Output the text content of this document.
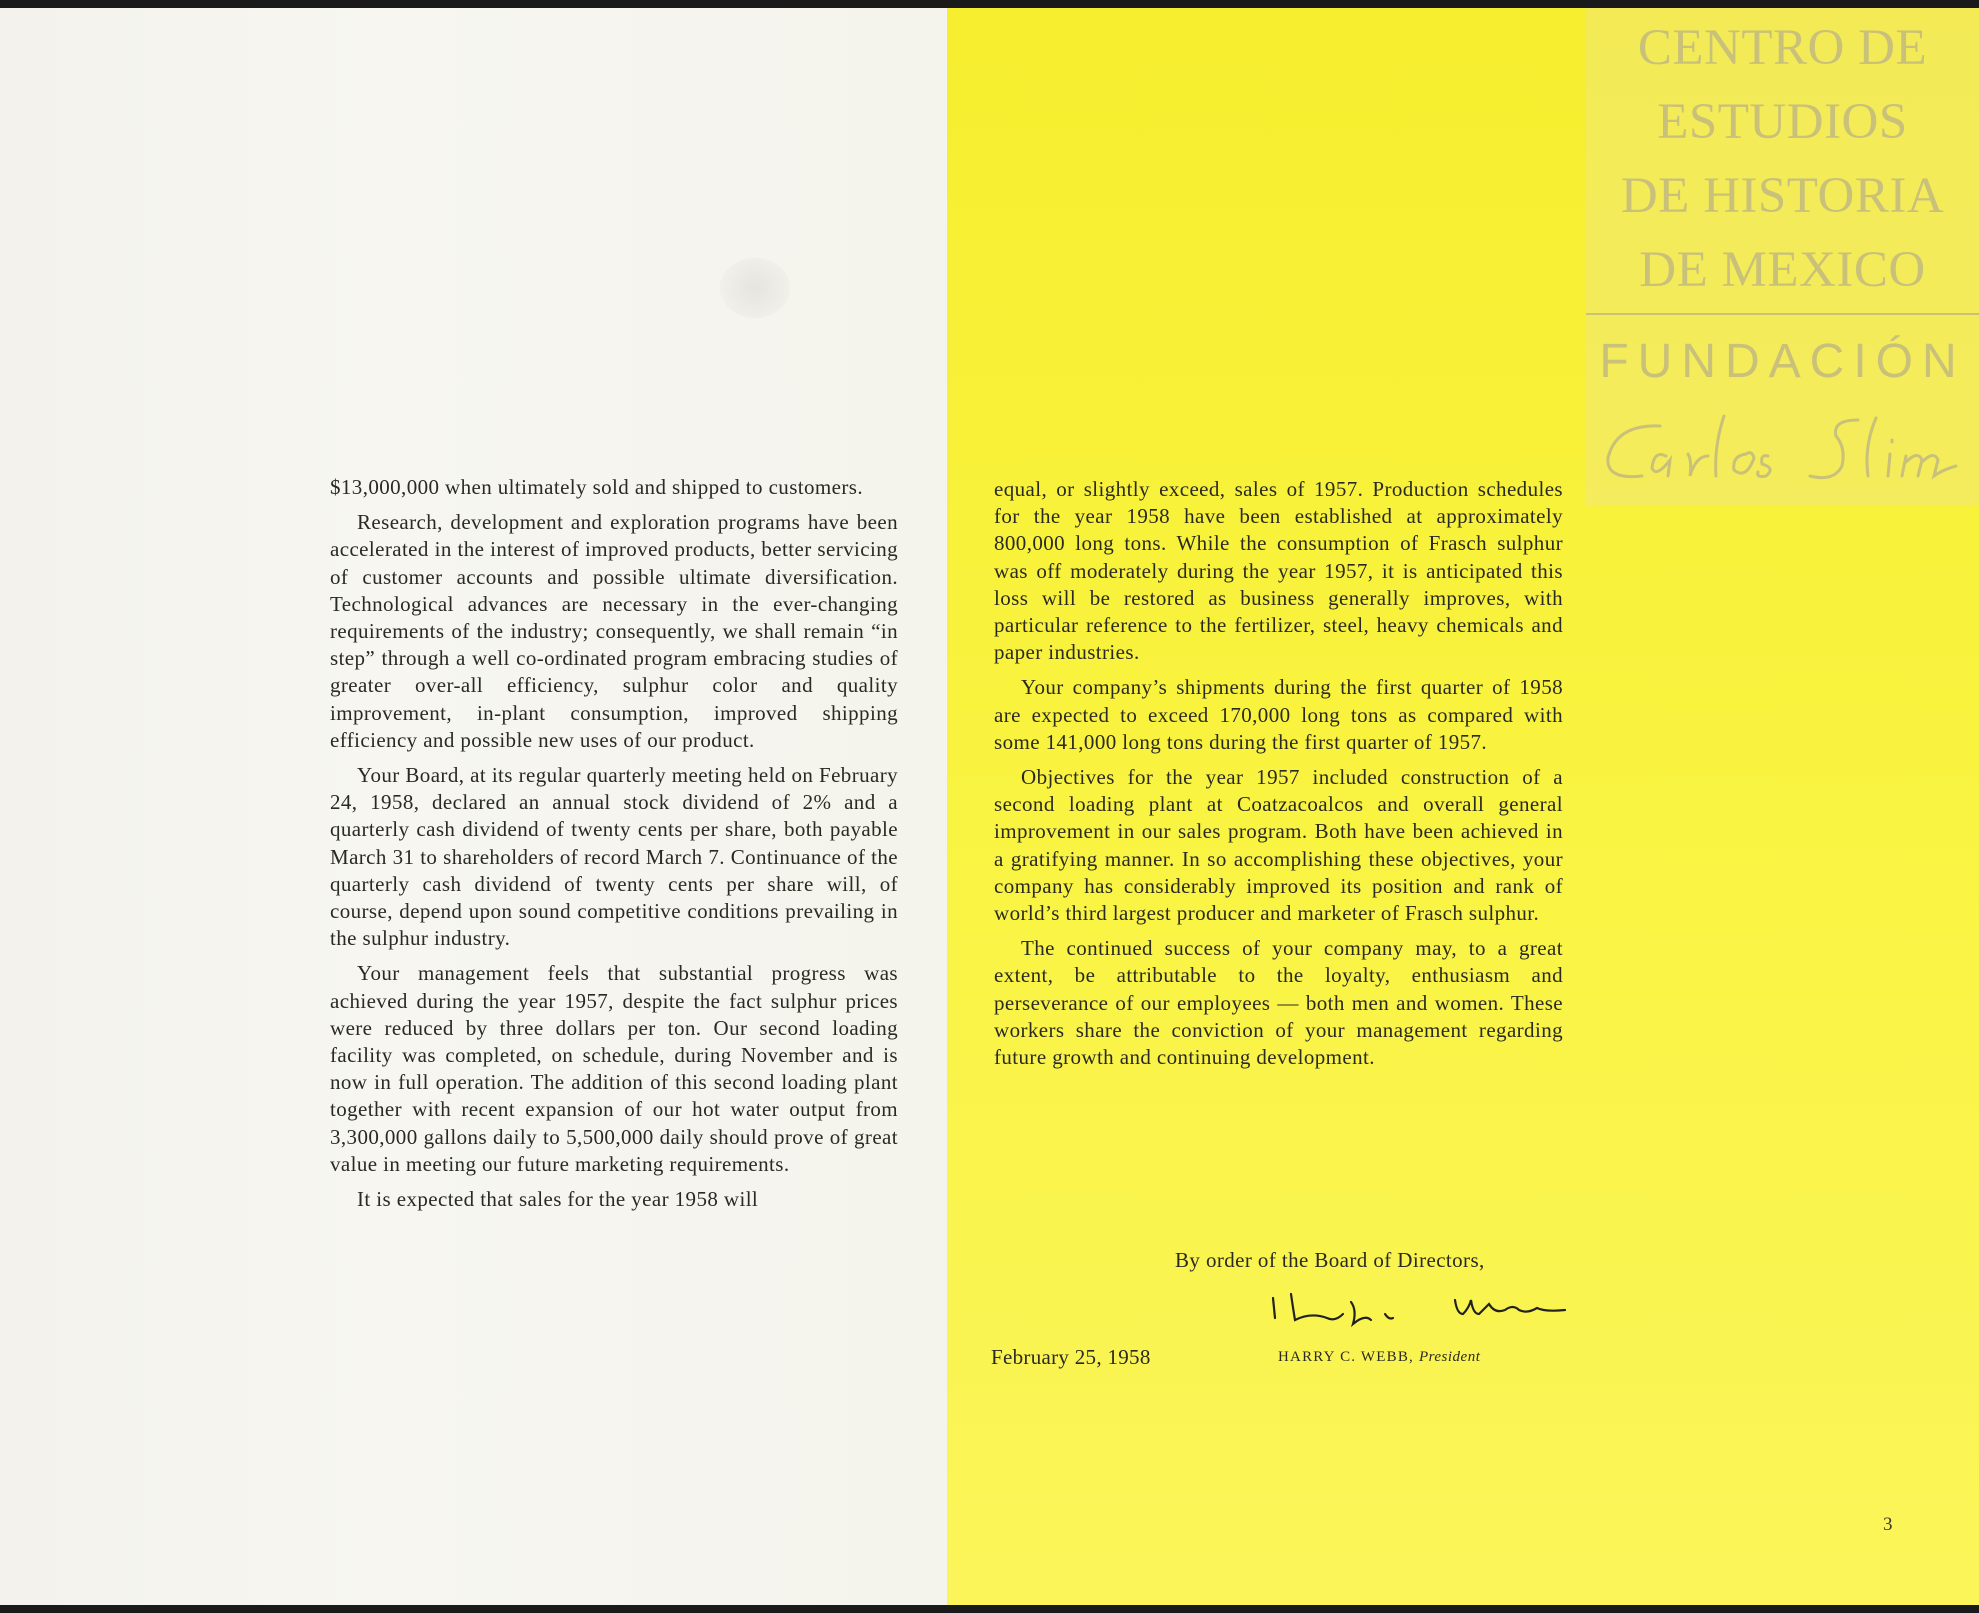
$13,000,000 when ultimately sold and shipped to customers.

Research, development and exploration programs have been accelerated in the interest of improved products, better servicing of customer accounts and possible ultimate diversification. Technological advances are necessary in the ever-changing requirements of the industry; consequently, we shall remain “in step” through a well co-ordinated program embracing studies of greater over-all efficiency, sulphur color and quality improvement, in-plant consumption, improved shipping efficiency and possible new uses of our product.

Your Board, at its regular quarterly meeting held on February 24, 1958, declared an annual stock dividend of 2% and a quarterly cash dividend of twenty cents per share, both payable March 31 to shareholders of record March 7. Continuance of the quarterly cash dividend of twenty cents per share will, of course, depend upon sound competitive conditions prevailing in the sulphur industry.

Your management feels that substantial progress was achieved during the year 1957, despite the fact sulphur prices were reduced by three dollars per ton. Our second loading facility was completed, on schedule, during November and is now in full operation. The addition of this second loading plant together with recent expansion of our hot water output from 3,300,000 gallons daily to 5,500,000 daily should prove of great value in meeting our future marketing requirements.

It is expected that sales for the year 1958 will

equal, or slightly exceed, sales of 1957. Production schedules for the year 1958 have been established at approximately 800,000 long tons. While the consumption of Frasch sulphur was off moderately during the year 1957, it is anticipated this loss will be restored as business generally improves, with particular reference to the fertilizer, steel, heavy chemicals and paper industries.

Your company’s shipments during the first quarter of 1958 are expected to exceed 170,000 long tons as compared with some 141,000 long tons during the first quarter of 1957.

Objectives for the year 1957 included construction of a second loading plant at Coatzacoalcos and overall general improvement in our sales program. Both have been achieved in a gratifying manner. In so accomplishing these objectives, your company has considerably improved its position and rank of world’s third largest producer and marketer of Frasch sulphur.

The continued success of your company may, to a great extent, be attributable to the loyalty, enthusiasm and perseverance of our employees — both men and women. These workers share the conviction of your management regarding future growth and continuing development.

By order of the Board of Directors,
February 25, 1958	HARRY C. WEBB, President
3
CENTRO DE
ESTUDIOS
DE HISTORIA
DE MEXICO
FUNDACIÓN
